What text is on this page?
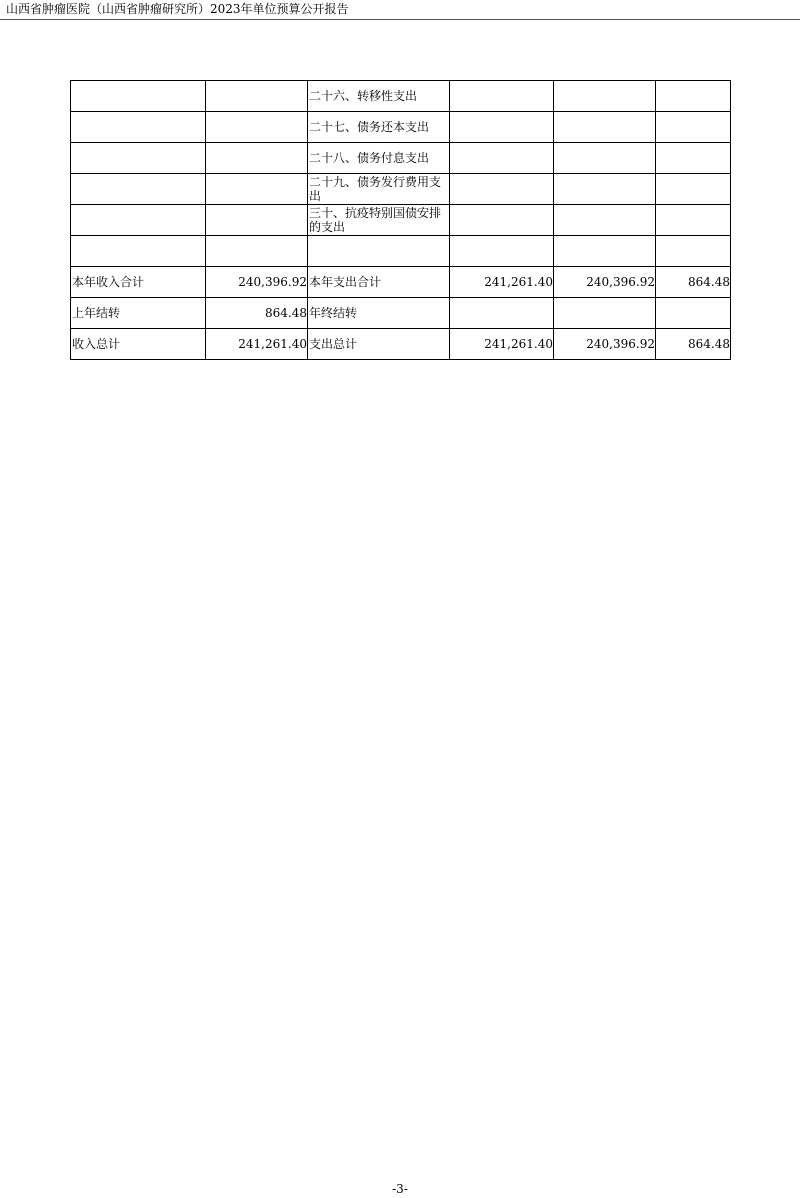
山西省肿瘤医院（山西省肿瘤研究所）2023年单位预算公开报告
		二十六、转移性支出			
		二十七、债务还本支出			
		二十八、债务付息支出			
		二十九、债务发行费用支出			
		三十、抗疫特别国债安排的支出			

本年收入合计	240,396.92	本年支出合计	241,261.40	240,396.92	864.48
上年结转	864.48	年终结转			
收入总计	241,261.40	支出总计	241,261.40	240,396.92	864.48
-3-
